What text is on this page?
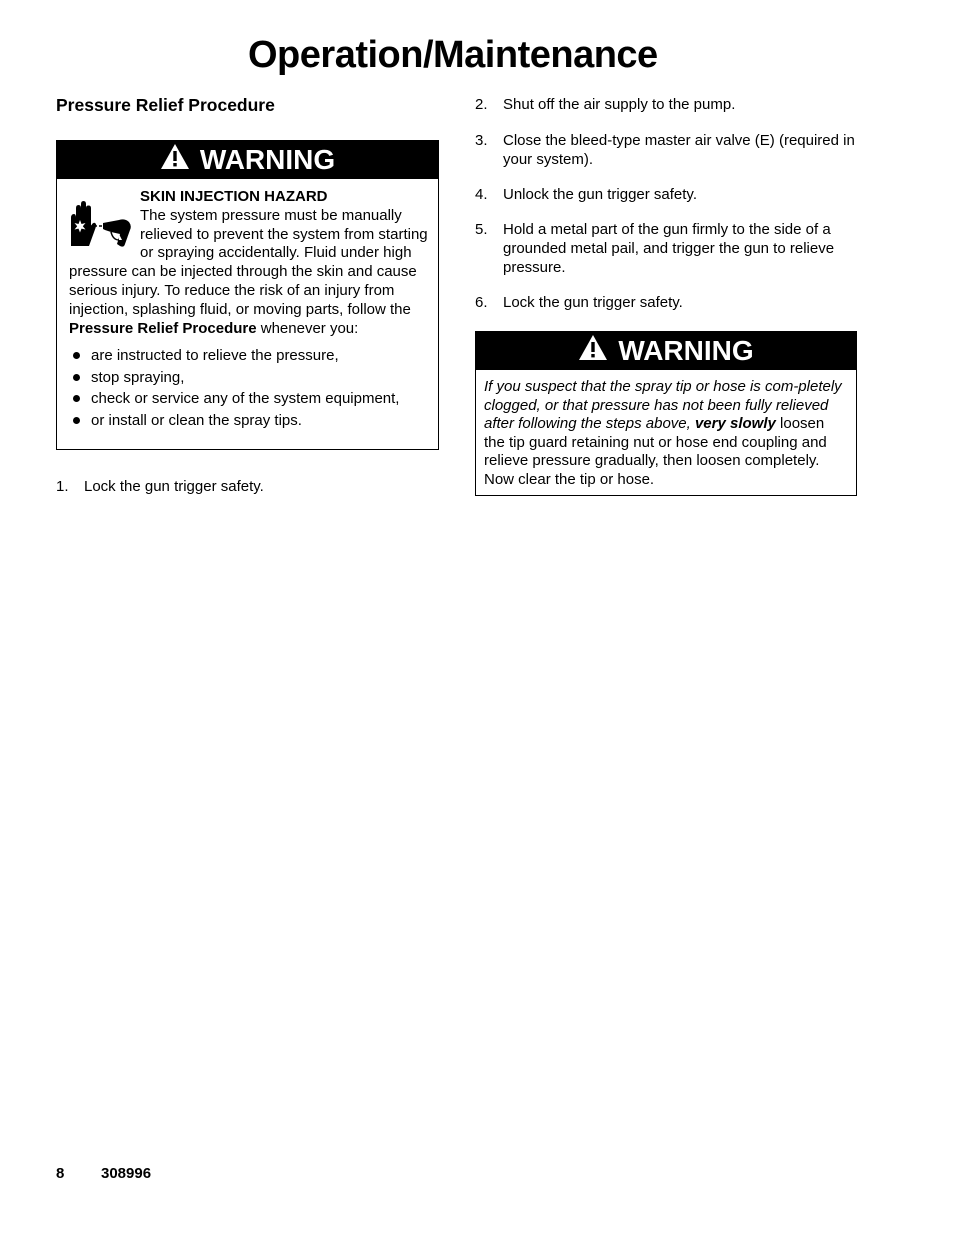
Operation/Maintenance
Pressure Relief Procedure
WARNING
SKIN INJECTION HAZARD
The system pressure must be manually relieved to prevent the system from starting or spraying accidentally. Fluid under high pressure can be injected through the skin and cause serious injury. To reduce the risk of an injury from injection, splashing fluid, or moving parts, follow the Pressure Relief Procedure whenever you:
are instructed to relieve the pressure,
stop spraying,
check or service any of the system equipment,
or install or clean the spray tips.
1.	Lock the gun trigger safety.
2.	Shut off the air supply to the pump.
3.	Close the bleed-type master air valve (E) (required in your system).
4.	Unlock the gun trigger safety.
5.	Hold a metal part of the gun firmly to the side of a grounded metal pail, and trigger the gun to relieve pressure.
6.	Lock the gun trigger safety.
WARNING
If you suspect that the spray tip or hose is com-pletely clogged, or that pressure has not been fully relieved after following the steps above, very slowly loosen the tip guard retaining nut or hose end coupling and relieve pressure gradually, then loosen completely. Now clear the tip or hose.
8 308996
